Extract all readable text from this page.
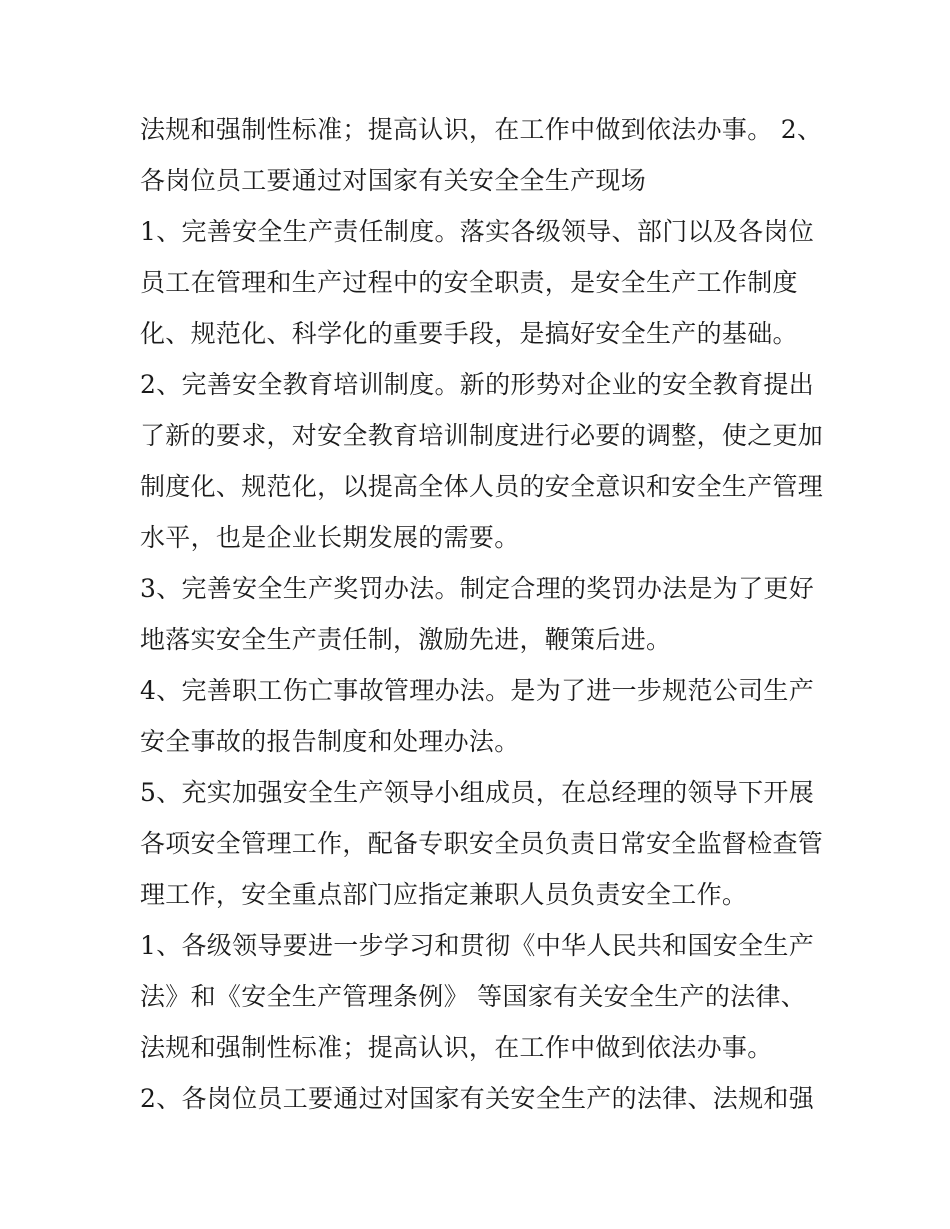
法规和强制性标准；提高认识，在工作中做到依法办事。 2、
各岗位员工要通过对国家有关安全全生产现场
1、完善安全生产责任制度。落实各级领导、部门以及各岗位
员工在管理和生产过程中的安全职责，是安全生产工作制度
化、规范化、科学化的重要手段，是搞好安全生产的基础。
2、完善安全教育培训制度。新的形势对企业的安全教育提出
了新的要求，对安全教育培训制度进行必要的调整，使之更加
制度化、规范化，以提高全体人员的安全意识和安全生产管理
水平，也是企业长期发展的需要。
3、完善安全生产奖罚办法。制定合理的奖罚办法是为了更好
地落实安全生产责任制，激励先进，鞭策后进。
4、完善职工伤亡事故管理办法。是为了进一步规范公司生产
安全事故的报告制度和处理办法。
5、充实加强安全生产领导小组成员，在总经理的领导下开展
各项安全管理工作，配备专职安全员负责日常安全监督检查管
理工作，安全重点部门应指定兼职人员负责安全工作。
1、各级领导要进一步学习和贯彻《中华人民共和国安全生产
法》和《安全生产管理条例》 等国家有关安全生产的法律、
法规和强制性标准；提高认识，在工作中做到依法办事。
2、各岗位员工要通过对国家有关安全生产的法律、法规和强
